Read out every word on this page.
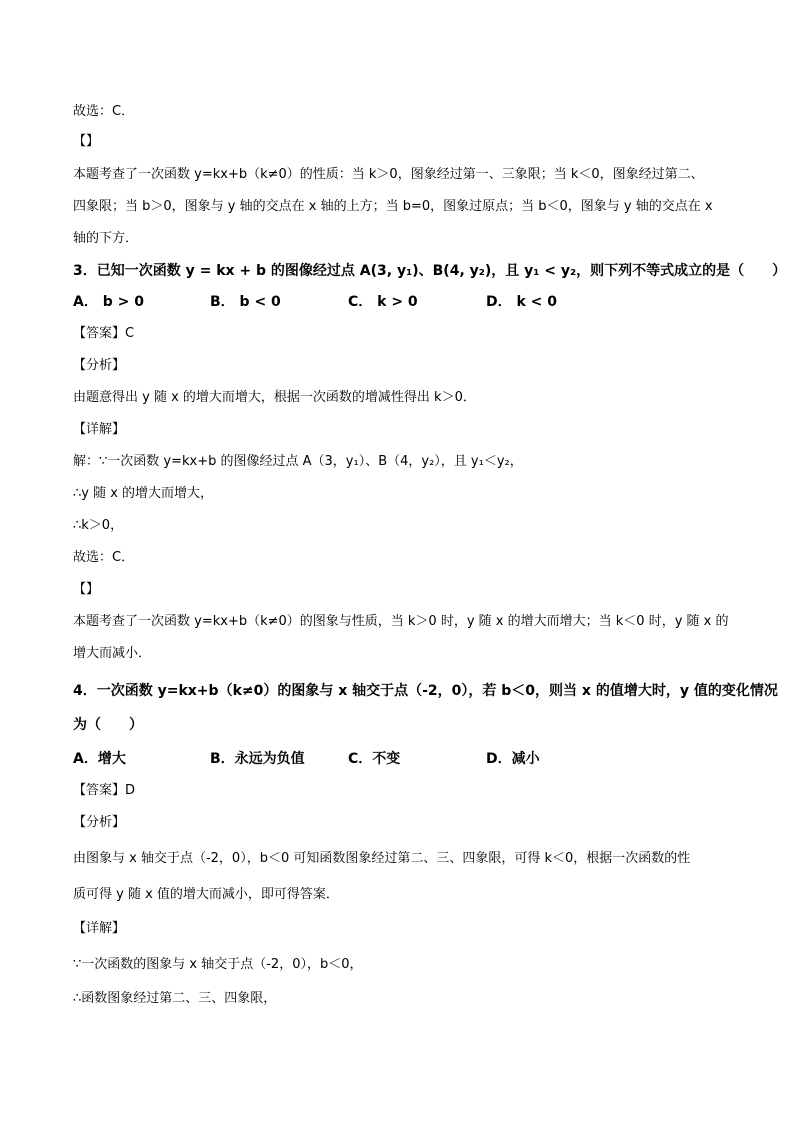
故选：C．
【】
本题考查了一次函数 y=kx+b（k≠0）的性质：当 k＞0，图象经过第一、三象限；当 k＜0，图象经过第二、
四象限；当 b＞0，图象与 y 轴的交点在 x 轴的上方；当 b=0，图象过原点；当 b＜0，图象与 y 轴的交点在 x
轴的下方．
3．已知一次函数 y = kx + b 的图像经过点 A(3, y₁)、B(4, y₂)，且 y₁ < y₂，则下列不等式成立的是（　　）
A． b > 0	B． b < 0	C． k > 0	D． k < 0
【答案】C
【分析】
由题意得出 y 随 x 的增大而增大，根据一次函数的增减性得出 k＞0．
【详解】
解：∵一次函数 y=kx+b 的图像经过点 A（3，y₁）、B（4，y₂），且 y₁＜y₂，
∴y 随 x 的增大而增大，
∴k＞0，
故选：C．
【】
本题考查了一次函数 y=kx+b（k≠0）的图象与性质，当 k＞0 时，y 随 x 的增大而增大；当 k＜0 时，y 随 x 的
增大而减小．
4．一次函数 y=kx+b（k≠0）的图象与 x 轴交于点（-2，0），若 b＜0，则当 x 的值增大时，y 值的变化情况
为（　　）
A．增大	B．永远为负值	C．不变	D．减小
【答案】D
【分析】
由图象与 x 轴交于点（-2，0），b＜0 可知函数图象经过第二、三、四象限，可得 k＜0，根据一次函数的性
质可得 y 随 x 值的增大而减小，即可得答案．
【详解】
∵一次函数的图象与 x 轴交于点（-2，0），b＜0，
∴函数图象经过第二、三、四象限，
